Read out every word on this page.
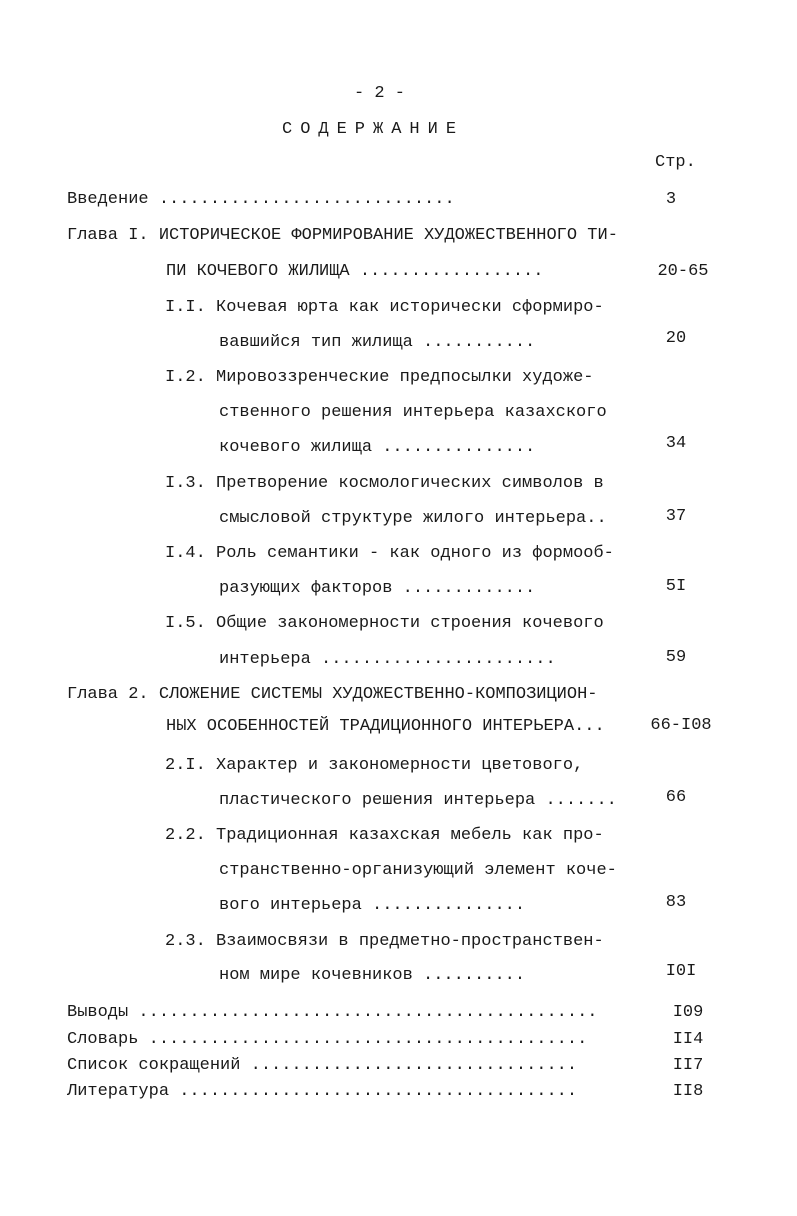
- 2 -
СОДЕРЖАНИЕ
Стр.
Введение .............................	3
Глава I. ИСТОРИЧЕСКОЕ ФОРМИРОВАНИЕ ХУДОЖЕСТВЕННОГО ТИ-
ПИ КОЧЕВОГО ЖИЛИЩА ..................	20-65
I.I. Кочевая юрта как исторически сформиро-
вавшийся тип жилища ...........	20
I.2. Мировоззренческие предпосылки художе-
ственного решения интерьера казахского
кочевого жилища ...............	34
I.3. Претворение космологических символов в
смысловой структуре жилого интерьера..	37
I.4. Роль семантики - как одного из формооб-
разующих факторов .............	5I
I.5. Общие закономерности строения кочевого
интерьера .......................	59
Глава 2. СЛОЖЕНИЕ СИСТЕМЫ ХУДОЖЕСТВЕННО-КОМПОЗИЦИОН-
НЫХ ОСОБЕННОСТЕЙ ТРАДИЦИОННОГО ИНТЕРЬЕРА...	66-I08
2.I. Характер и закономерности цветового,
пластического решения интерьера .......	66
2.2. Традиционная казахская мебель как про-
странственно-организующий элемент коче-
вого интерьера ...............	83
2.3. Взаимосвязи в предметно-пространствен-
ном мире кочевников ..........	I0I
Выводы .............................................	I09
Словарь ...........................................	II4
Список сокращений ................................	II7
Литература .......................................	II8
